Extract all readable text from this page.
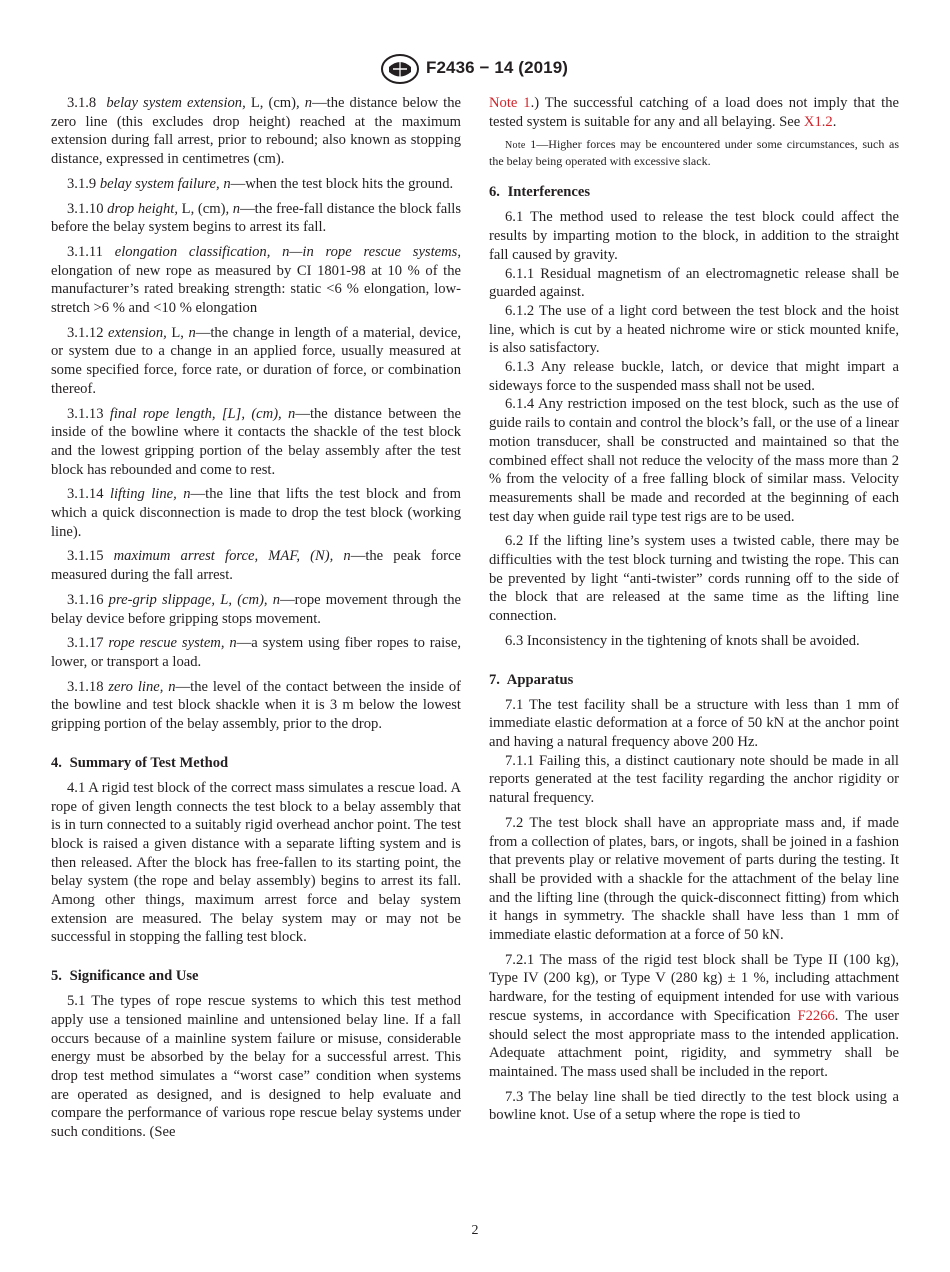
F2436 − 14 (2019)

3.1.8 belay system extension, L, (cm), n—the distance below the zero line (this excludes drop height) reached at the maximum extension during fall arrest, prior to rebound; also known as stopping distance, expressed in centimetres (cm).

3.1.9 belay system failure, n—when the test block hits the ground.

3.1.10 drop height, L, (cm), n—the free-fall distance the block falls before the belay system begins to arrest its fall.

3.1.11 elongation classification, n—in rope rescue systems, elongation of new rope as measured by CI 1801-98 at 10 % of the manufacturer’s rated breaking strength: static <6 % elongation, low-stretch >6 % and <10 % elongation

3.1.12 extension, L, n—the change in length of a material, device, or system due to a change in an applied force, usually measured at some specified force, force rate, or duration of force, or combination thereof.

3.1.13 final rope length, [L], (cm), n—the distance between the inside of the bowline where it contacts the shackle of the test block and the lowest gripping portion of the belay assembly after the test block has rebounded and come to rest.

3.1.14 lifting line, n—the line that lifts the test block and from which a quick disconnection is made to drop the test block (working line).

3.1.15 maximum arrest force, MAF, (N), n—the peak force measured during the fall arrest.

3.1.16 pre-grip slippage, L, (cm), n—rope movement through the belay device before gripping stops movement.

3.1.17 rope rescue system, n—a system using fiber ropes to raise, lower, or transport a load.

3.1.18 zero line, n—the level of the contact between the inside of the bowline and test block shackle when it is 3 m below the lowest gripping portion of the belay assembly, prior to the drop.

4. Summary of Test Method

4.1 A rigid test block of the correct mass simulates a rescue load. A rope of given length connects the test block to a belay assembly that is in turn connected to a suitably rigid overhead anchor point. The test block is raised a given distance with a separate lifting system and is then released. After the block has free-fallen to its starting point, the belay system (the rope and belay assembly) begins to arrest its fall. Among other things, maximum arrest force and belay system extension are measured. The belay system may or may not be successful in stopping the falling test block.

5. Significance and Use

5.1 The types of rope rescue systems to which this test method apply use a tensioned mainline and untensioned belay line. If a fall occurs because of a mainline system failure or misuse, considerable energy must be absorbed by the belay for a successful arrest. This drop test method simulates a “worst case” condition when systems are operated as designed, and is designed to help evaluate and compare the performance of various rope rescue belay systems under such conditions. (See

Note 1.) The successful catching of a load does not imply that the tested system is suitable for any and all belaying. See X1.2.

Note 1—Higher forces may be encountered under some circumstances, such as the belay being operated with excessive slack.

6. Interferences

6.1 The method used to release the test block could affect the results by imparting motion to the block, in addition to the straight fall caused by gravity.

6.1.1 Residual magnetism of an electromagnetic release shall be guarded against.

6.1.2 The use of a light cord between the test block and the hoist line, which is cut by a heated nichrome wire or stick mounted knife, is also satisfactory.

6.1.3 Any release buckle, latch, or device that might impart a sideways force to the suspended mass shall not be used.

6.1.4 Any restriction imposed on the test block, such as the use of guide rails to contain and control the block’s fall, or the use of a linear motion transducer, shall be constructed and maintained so that the combined effect shall not reduce the velocity of the mass more than 2 % from the velocity of a free falling block of similar mass. Velocity measurements shall be made and recorded at the beginning of each test day when guide rail type test rigs are to be used.

6.2 If the lifting line’s system uses a twisted cable, there may be difficulties with the test block turning and twisting the rope. This can be prevented by light “anti-twister” cords running off to the side of the block that are released at the same time as the lifting line connection.

6.3 Inconsistency in the tightening of knots shall be avoided.

7. Apparatus

7.1 The test facility shall be a structure with less than 1 mm of immediate elastic deformation at a force of 50 kN at the anchor point and having a natural frequency above 200 Hz.

7.1.1 Failing this, a distinct cautionary note should be made in all reports generated at the test facility regarding the anchor rigidity or natural frequency.

7.2 The test block shall have an appropriate mass and, if made from a collection of plates, bars, or ingots, shall be joined in a fashion that prevents play or relative movement of parts during the testing. It shall be provided with a shackle for the attachment of the belay line and the lifting line (through the quick-disconnect fitting) from which it hangs in symmetry. The shackle shall have less than 1 mm of immediate elastic deformation at a force of 50 kN.

7.2.1 The mass of the rigid test block shall be Type II (100 kg), Type IV (200 kg), or Type V (280 kg) ± 1 %, including attachment hardware, for the testing of equipment intended for use with various rescue systems, in accordance with Specification F2266. The user should select the most appropriate mass to the intended application. Adequate attachment point, rigidity, and symmetry shall be maintained. The mass used shall be included in the report.

7.3 The belay line shall be tied directly to the test block using a bowline knot. Use of a setup where the rope is tied to

2
